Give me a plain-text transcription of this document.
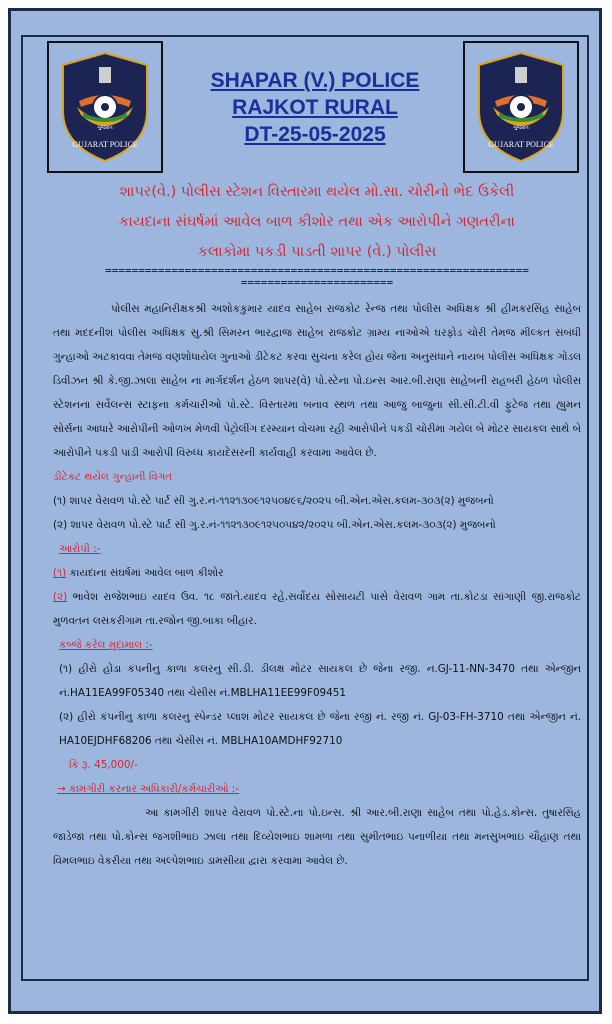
ગુજરાત
GUJARAT POLICE
SHAPAR (V.) POLICE
RAJKOT RURAL
DT-25-05-2025	ગુજરાત
GUJARAT POLICE
શાપર(વે.) પોલીસ સ્ટેશન વિસ્તારમા થયેલ મો.સા. ચોરીનો ભેદ ઉકેલી
કાયદાના સંઘર્ષમાં આવેલ બાળ કીશોર તથા એક આરોપીને ગણતરીના
કલાકોમા પકડી પાડતી શાપર (વે.) પોલીસ
================================================================
=======================

પોલીસ મહાનિરીક્ષકશ્રી અશોકકુમાર યાદવ સાહેબ રાજકોટ રેન્જ તથા પોલીસ અધિક્ષક શ્રી હીમકરસિંહ સાહેબ તથા મદદનીશ પોલીસ અધિક્ષક સુ.શ્રી સિમરન ભારદ્વાજ સાહેબ રાજકોટ ગ્રામ્ય નાઓએ ઘરફોડ ચોરી તેમજ મીલ્કત સંબંધી ગુન્હાઓ અટકાવવા તેમજ વણશોધાયેલ ગુનાઓ ડીટેકટ કરવા સુચના કરેલ હોય જેના અનુસંધાને નાયબ પોલીસ અધિક્ષક ગોંડલ ડિવીઝન શ્રી કે.જી.ઝાલા સાહેબ ના માર્ગદર્શન હેઠળ શાપર(વે) પો.સ્ટેના પો.ઇન્સ આર.બી.રાણા સાહેબની રાહબરી હેઠળ પોલીસ સ્ટેશનના સર્વેલન્સ સ્ટાફના કર્મચારીઓ પો.સ્ટે. વિસ્તારમા બનાવ સ્થળ તથા આજુ બાજુના સી.સી.ટી.વી ફુટેજ તથા હ્યુમન સોર્સના આધારે આરોપીની ઓળખ મેળવી પેટ્રોલીંગ દરમ્યાન વોચમા રહી આરોપીને પકડી ચોરીમા ગયેલ બે મોટર સાયકલ સાથે બે આરોપીને પકડી પાડી આરોપી વિરુધ્ધ કાયદેસરની કાર્યવાહી કરવામા આવેલ છે.

ડીટેકટ થયેલ ગુન્હાની વિગત

(૧) શાપર વેરાવળ પો.સ્ટે પાર્ટ સી ગુ.ર.નં-૧૧૨૧૩૦૯૧૨૫૦૪૯૬/૨૦૨૫ બી.એન.એસ.કલમ-૩૦૩(૨) મુજબનો

(૨) શાપર વેરાવળ પો.સ્ટે પાર્ટ સી ગુ.ર.નં-૧૧૨૧૩૦૯૧૨૫૦૫૪૨/૨૦૨૫ બી.એન.એસ.કલમ-૩૦૩(૨) મુજબનો

આરોપી :-

(૧) કાયદાના સંઘર્ષમાં આવેલ બાળ કીશોર

(૨) ભાવેશ રાજેશભાઇ યાદવ ઉવ. ૧૮ જાતે.યાદવ રહે.સર્વોદય સોસાયટી પાસે વેરાવળ ગામ તા.કોટડા સાંગાણી જી.રાજકોટ મુળવતન લસકરીગામ તા.રજોન જી.બાકા બીહાર.

કબ્જે કરેલ મુદામાલ :-

(૧) હીરો હોંડા કંપનીનુ કાળા કલરનુ સી.ડી. ડીલક્ષ મોટર સાયકલ છે જેના રજી. ન.GJ-11-NN-3470 તથા એન્જીન નં.HA11EA99F05340 તથા ચેસીસ નં.MBLHA11EE99F09451

(૨) હીરો કંપનીનુ કાળા કલરનુ સ્પેન્ડર પ્લાશ મોટર સાયકલ છે જેના રજી નં. રજી નં. GJ-03-FH-3710 તથા એન્જીન નં. HA10EJDHF68206 તથા ચેસીસ નં. MBLHA10AMDHF92710

કિ રૂ. 45,000/-

→ કામગીરી કરનાર અધિકારી/કર્મચારીઓ :-

આ કામગીરી શાપર વેરાવળ પો.સ્ટે.ના પો.ઇન્સ. શ્રી આર.બી.રાણા સાહેબ તથા પો.હેડ.કોન્સ. તુષારસિંહ જાડેજા તથા પો.કોન્સ જગશીભાઇ ઝાલા તથા દિવ્યેશભાઇ શામળા તથા સુમીતભાઇ પનાળીયા તથા મનસુખભાઇ ચૌહાણ તથા વિમલભાઇ વેકરીયા તથા અલ્પેશભાઇ ડામસીયા દ્વારા કરવામા આવેલ છે.
